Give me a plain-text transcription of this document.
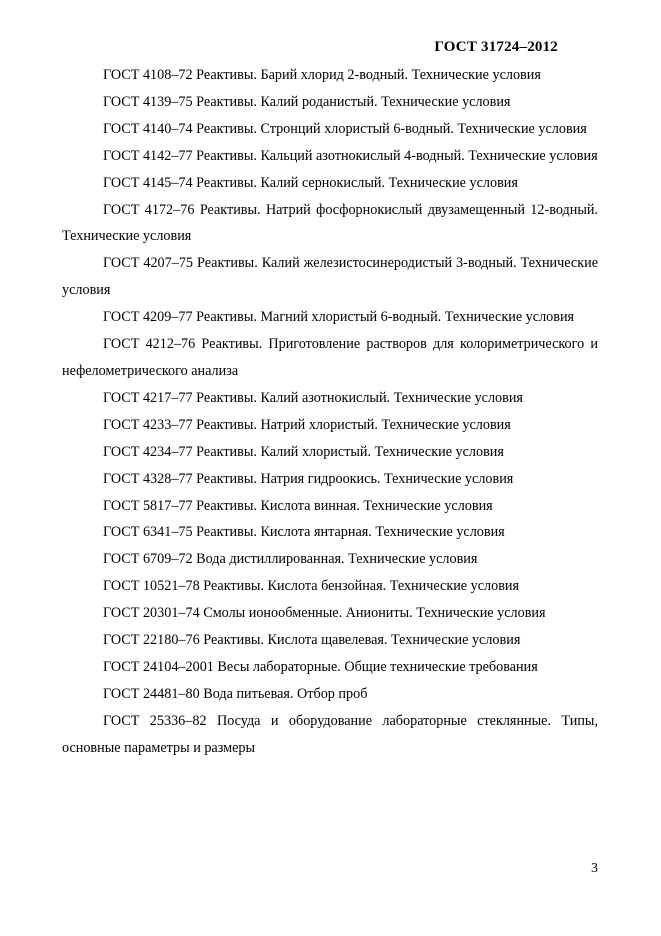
ГОСТ 31724–2012

ГОСТ 4108–72 Реактивы. Барий хлорид 2-водный. Технические условия

ГОСТ 4139–75 Реактивы. Калий роданистый. Технические условия

ГОСТ 4140–74 Реактивы. Стронций хлористый 6-водный. Технические условия

ГОСТ 4142–77 Реактивы. Кальций азотнокислый 4-водный. Технические условия

ГОСТ 4145–74 Реактивы. Калий сернокислый. Технические условия

ГОСТ 4172–76 Реактивы. Натрий фосфорнокислый двузамещенный 12-водный. Технические условия

ГОСТ 4207–75 Реактивы. Калий железистосинеродистый 3-водный. Технические условия

ГОСТ 4209–77 Реактивы. Магний хлористый 6-водный. Технические условия

ГОСТ 4212–76 Реактивы. Приготовление растворов для колориметрического и нефелометрического анализа

ГОСТ 4217–77 Реактивы. Калий азотнокислый. Технические условия

ГОСТ 4233–77 Реактивы. Натрий хлористый. Технические условия

ГОСТ 4234–77 Реактивы. Калий хлористый. Технические условия

ГОСТ 4328–77 Реактивы. Натрия гидроокись. Технические условия

ГОСТ 5817–77 Реактивы. Кислота винная. Технические условия

ГОСТ 6341–75 Реактивы. Кислота янтарная. Технические условия

ГОСТ 6709–72 Вода дистиллированная. Технические условия

ГОСТ 10521–78 Реактивы. Кислота бензойная. Технические условия

ГОСТ 20301–74 Смолы ионообменные. Аниониты. Технические условия

ГОСТ 22180–76 Реактивы. Кислота щавелевая. Технические условия

ГОСТ 24104–2001 Весы лабораторные. Общие технические требования

ГОСТ 24481–80 Вода питьевая. Отбор проб

ГОСТ 25336–82 Посуда и оборудование лабораторные стеклянные. Типы, основные параметры и размеры

3
